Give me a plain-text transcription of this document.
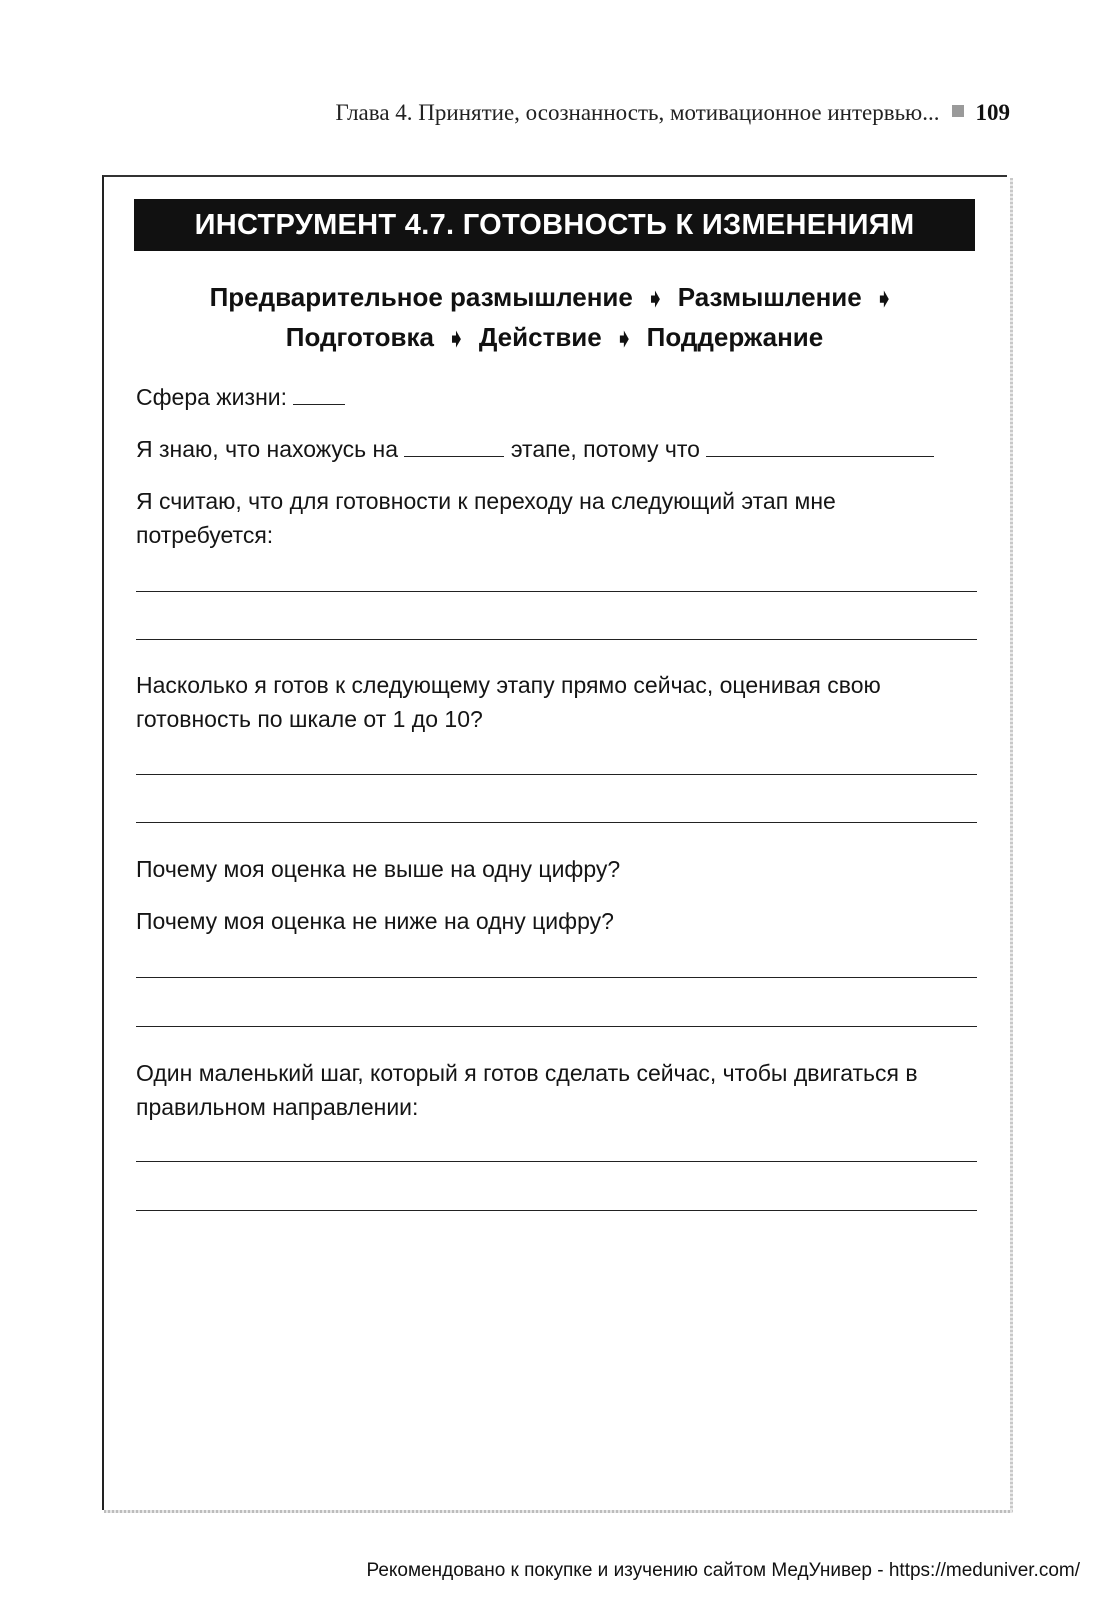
Глава 4. Принятие, осознанность, мотивационное интервью... 109
ИНСТРУМЕНТ 4.7. ГОТОВНОСТЬ К ИЗМЕНЕНИЯМ
Предварительное размышление ➧ Размышление ➧
Подготовка ➧ Действие ➧ Поддержание
Сфера жизни:
Я знаю, что нахожусь на	этапе, потому что
Я считаю, что для готовности к переходу на следующий этап мне потребуется:
Насколько я готов к следующему этапу прямо сейчас, оценивая свою готовность по шкале от 1 до 10?
Почему моя оценка не выше на одну цифру?
Почему моя оценка не ниже на одну цифру?
Один маленький шаг, который я готов сделать сейчас, чтобы двигаться в правильном направлении:
Рекомендовано к покупке и изучению сайтом МедУнивер - https://meduniver.com/
